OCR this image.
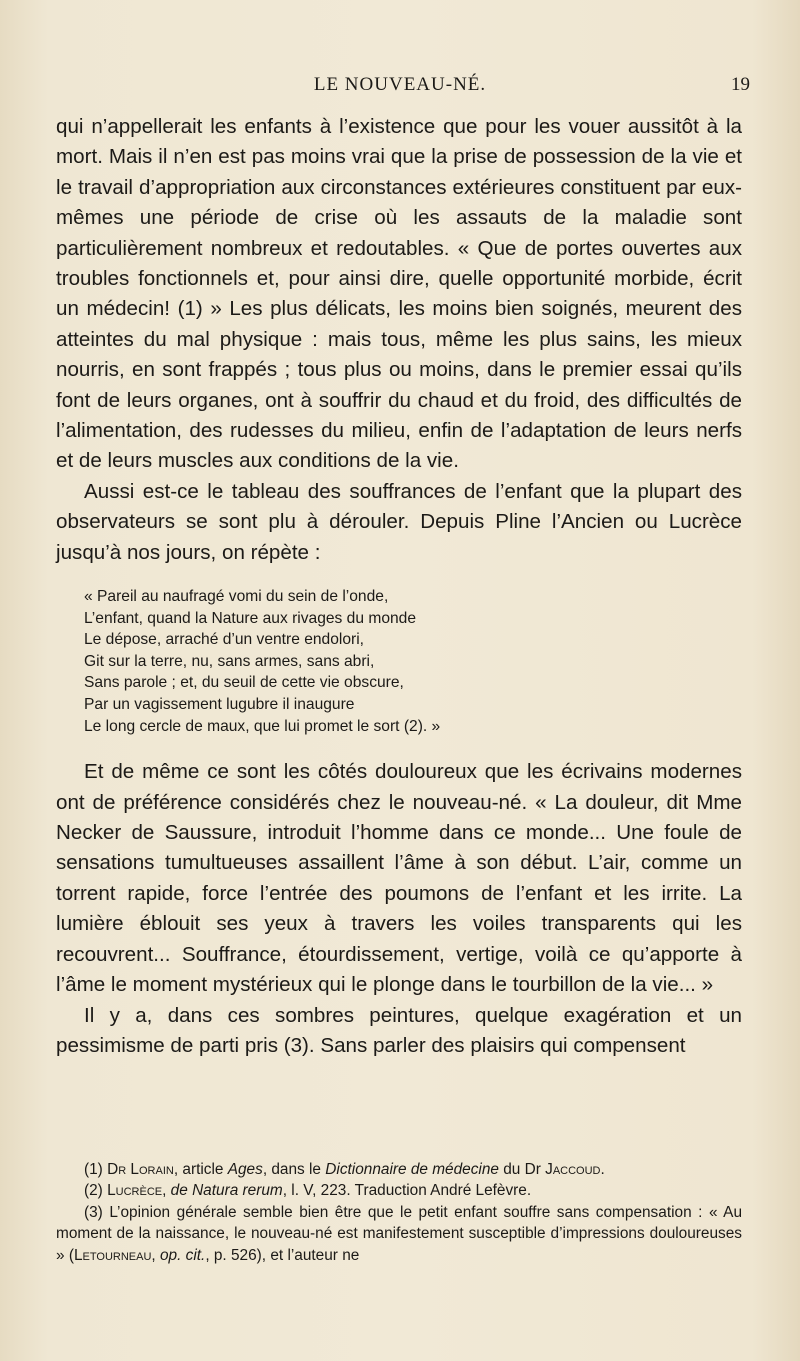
LE NOUVEAU-NÉ.	19

qui n’appellerait les enfants à l’existence que pour les vouer aussitôt à la mort. Mais il n’en est pas moins vrai que la prise de possession de la vie et le travail d’appropriation aux circonstances extérieures constituent par eux-mêmes une période de crise où les assauts de la maladie sont particulièrement nombreux et redoutables. « Que de portes ouvertes aux troubles fonctionnels et, pour ainsi dire, quelle opportunité morbide, écrit un médecin! (1) » Les plus délicats, les moins bien soignés, meurent des atteintes du mal physique : mais tous, même les plus sains, les mieux nourris, en sont frappés ; tous plus ou moins, dans le premier essai qu’ils font de leurs organes, ont à souffrir du chaud et du froid, des difficultés de l’alimentation, des rudesses du milieu, enfin de l’adaptation de leurs nerfs et de leurs muscles aux conditions de la vie.

Aussi est-ce le tableau des souffrances de l’enfant que la plupart des observateurs se sont plu à dérouler. Depuis Pline l’Ancien ou Lucrèce jusqu’à nos jours, on répète :

« Pareil au naufragé vomi du sein de l’onde,
L’enfant, quand la Nature aux rivages du monde
Le dépose, arraché d’un ventre endolori,
Git sur la terre, nu, sans armes, sans abri,
Sans parole ; et, du seuil de cette vie obscure,
Par un vagissement lugubre il inaugure
Le long cercle de maux, que lui promet le sort (2). »

Et de même ce sont les côtés douloureux que les écrivains modernes ont de préférence considérés chez le nouveau-né. « La douleur, dit Mme Necker de Saussure, introduit l’homme dans ce monde... Une foule de sensations tumultueuses assaillent l’âme à son début. L’air, comme un torrent rapide, force l’entrée des poumons de l’enfant et les irrite. La lumière éblouit ses yeux à travers les voiles transparents qui les recouvrent... Souffrance, étourdissement, vertige, voilà ce qu’apporte à l’âme le moment mystérieux qui le plonge dans le tourbillon de la vie... »

Il y a, dans ces sombres peintures, quelque exagération et un pessimisme de parti pris (3). Sans parler des plaisirs qui compensent

(1) Dr Lorain, article Ages, dans le Dictionnaire de médecine du Dr Jaccoud.

(2) Lucrèce, de Natura rerum, l. V, 223. Traduction André Lefèvre.

(3) L’opinion générale semble bien être que le petit enfant souffre sans compensation : « Au moment de la naissance, le nouveau-né est manifestement susceptible d’impressions douloureuses » (Letourneau, op. cit., p. 526), et l’auteur ne
